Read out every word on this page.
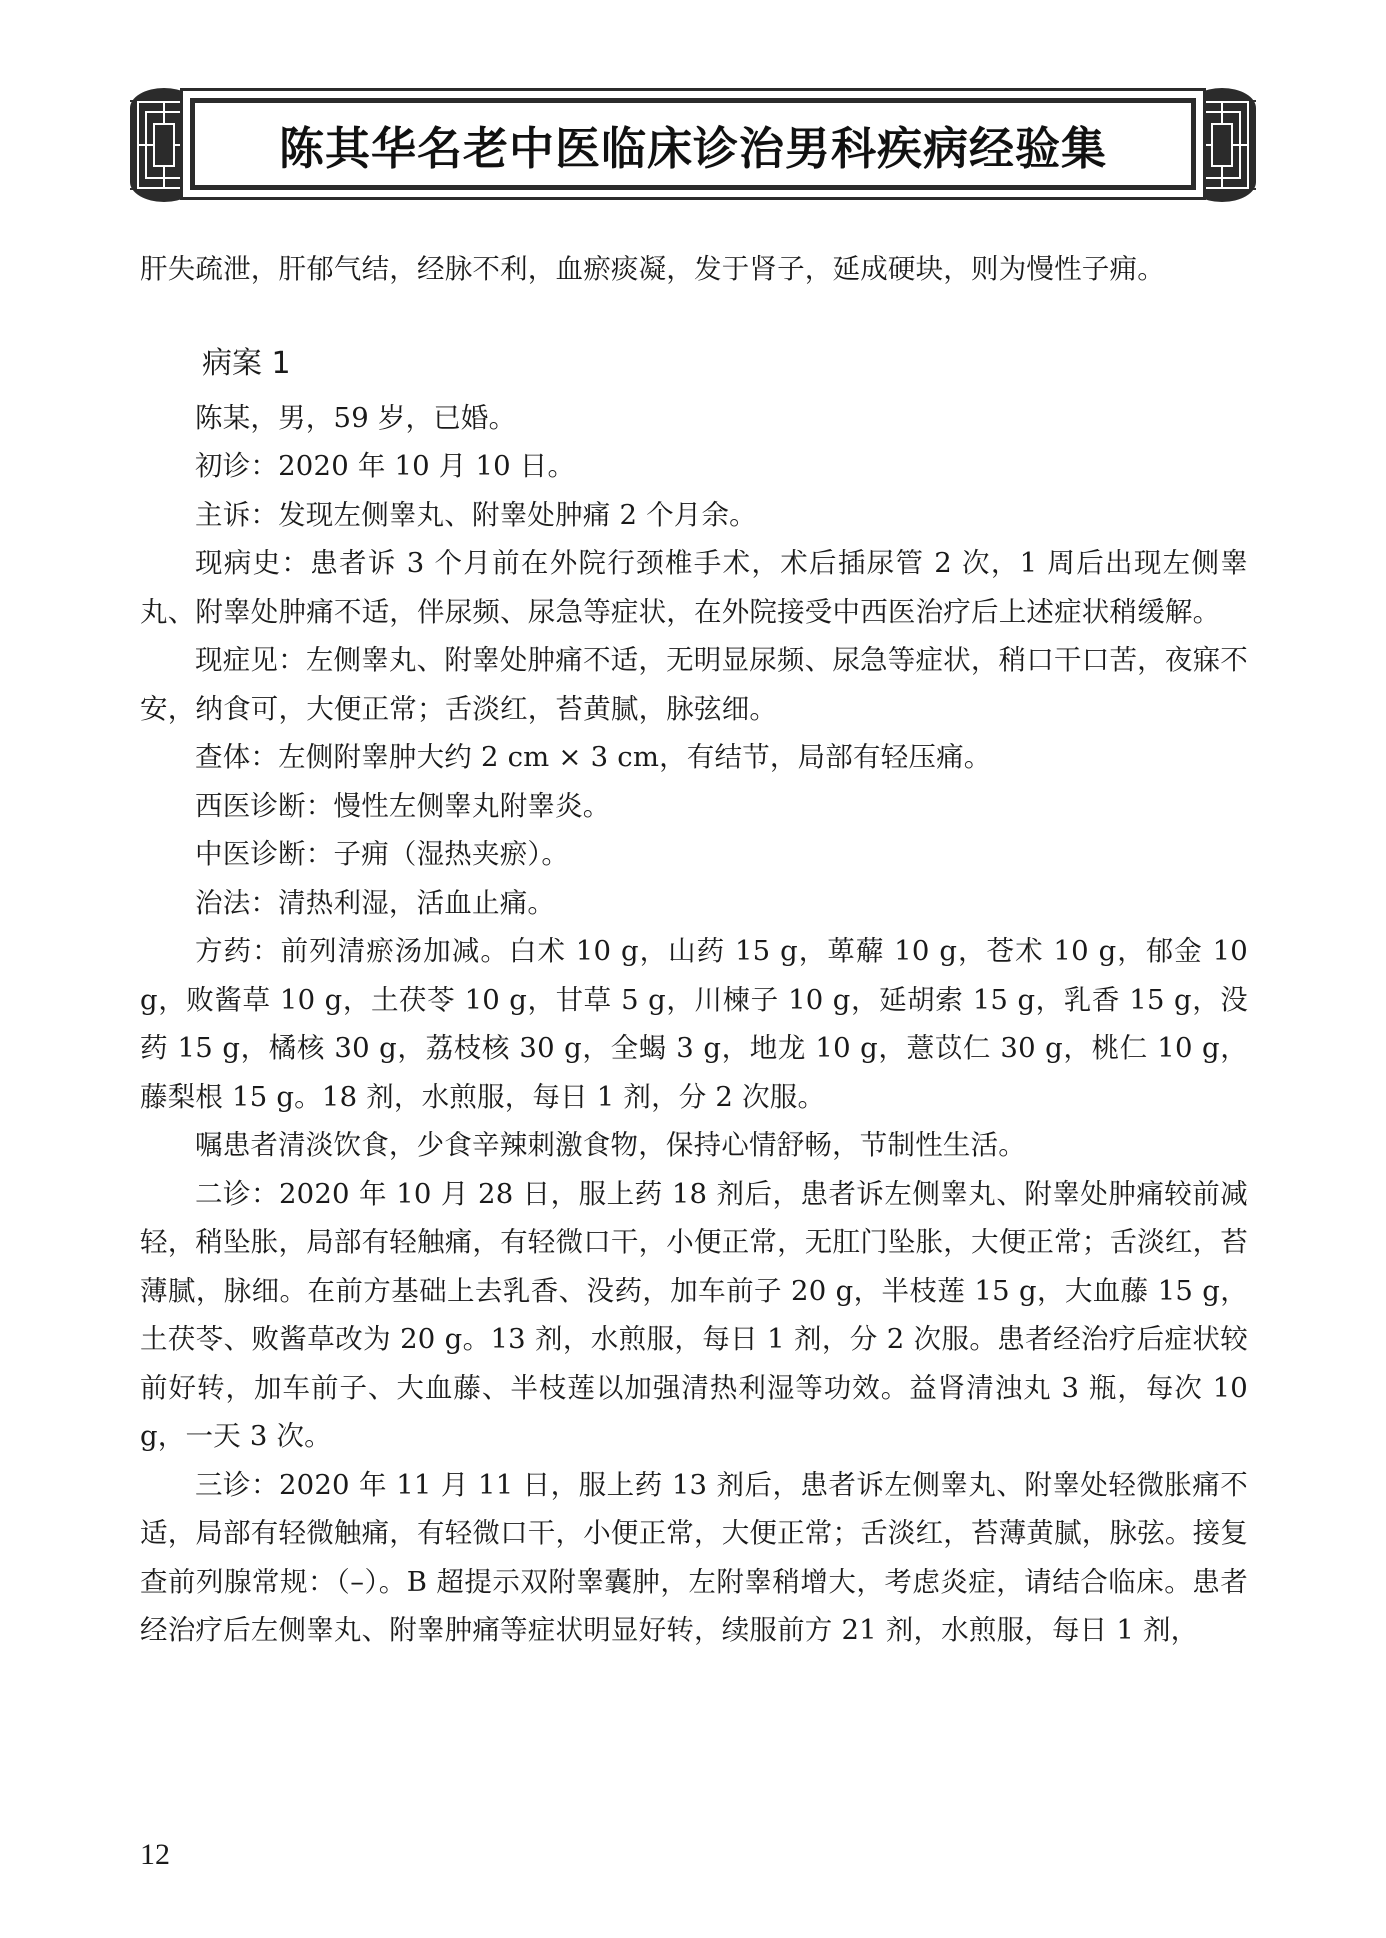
陈其华名老中医临床诊治男科疾病经验集

肝失疏泄，肝郁气结，经脉不利，血瘀痰凝，发于肾子，延成硬块，则为慢性子痈。

病案 1

陈某，男，59 岁，已婚。

初诊：2020 年 10 月 10 日。

主诉：发现左侧睾丸、附睾处肿痛 2 个月余。

现病史：患者诉 3 个月前在外院行颈椎手术，术后插尿管 2 次，1 周后出现左侧睾丸、附睾处肿痛不适，伴尿频、尿急等症状，在外院接受中西医治疗后上述症状稍缓解。

现症见：左侧睾丸、附睾处肿痛不适，无明显尿频、尿急等症状，稍口干口苦，夜寐不安，纳食可，大便正常；舌淡红，苔黄腻，脉弦细。

查体：左侧附睾肿大约 2 cm × 3 cm，有结节，局部有轻压痛。

西医诊断：慢性左侧睾丸附睾炎。

中医诊断：子痈（湿热夹瘀）。

治法：清热利湿，活血止痛。

方药：前列清瘀汤加减。白术 10 g，山药 15 g，萆薢 10 g，苍术 10 g，郁金 10 g，败酱草 10 g，土茯苓 10 g，甘草 5 g，川楝子 10 g，延胡索 15 g，乳香 15 g，没药 15 g，橘核 30 g，荔枝核 30 g，全蝎 3 g，地龙 10 g，薏苡仁 30 g，桃仁 10 g，藤梨根 15 g。18 剂，水煎服，每日 1 剂，分 2 次服。

嘱患者清淡饮食，少食辛辣刺激食物，保持心情舒畅，节制性生活。

二诊：2020 年 10 月 28 日，服上药 18 剂后，患者诉左侧睾丸、附睾处肿痛较前减轻，稍坠胀，局部有轻触痛，有轻微口干，小便正常，无肛门坠胀，大便正常；舌淡红，苔薄腻，脉细。在前方基础上去乳香、没药，加车前子 20 g，半枝莲 15 g，大血藤 15 g，土茯苓、败酱草改为 20 g。13 剂，水煎服，每日 1 剂，分 2 次服。患者经治疗后症状较前好转，加车前子、大血藤、半枝莲以加强清热利湿等功效。益肾清浊丸 3 瓶，每次 10 g，一天 3 次。

三诊：2020 年 11 月 11 日，服上药 13 剂后，患者诉左侧睾丸、附睾处轻微胀痛不适，局部有轻微触痛，有轻微口干，小便正常，大便正常；舌淡红，苔薄黄腻，脉弦。接复查前列腺常规：（–）。B 超提示双附睾囊肿，左附睾稍增大，考虑炎症，请结合临床。患者经治疗后左侧睾丸、附睾肿痛等症状明显好转，续服前方 21 剂，水煎服，每日 1 剂，

12
